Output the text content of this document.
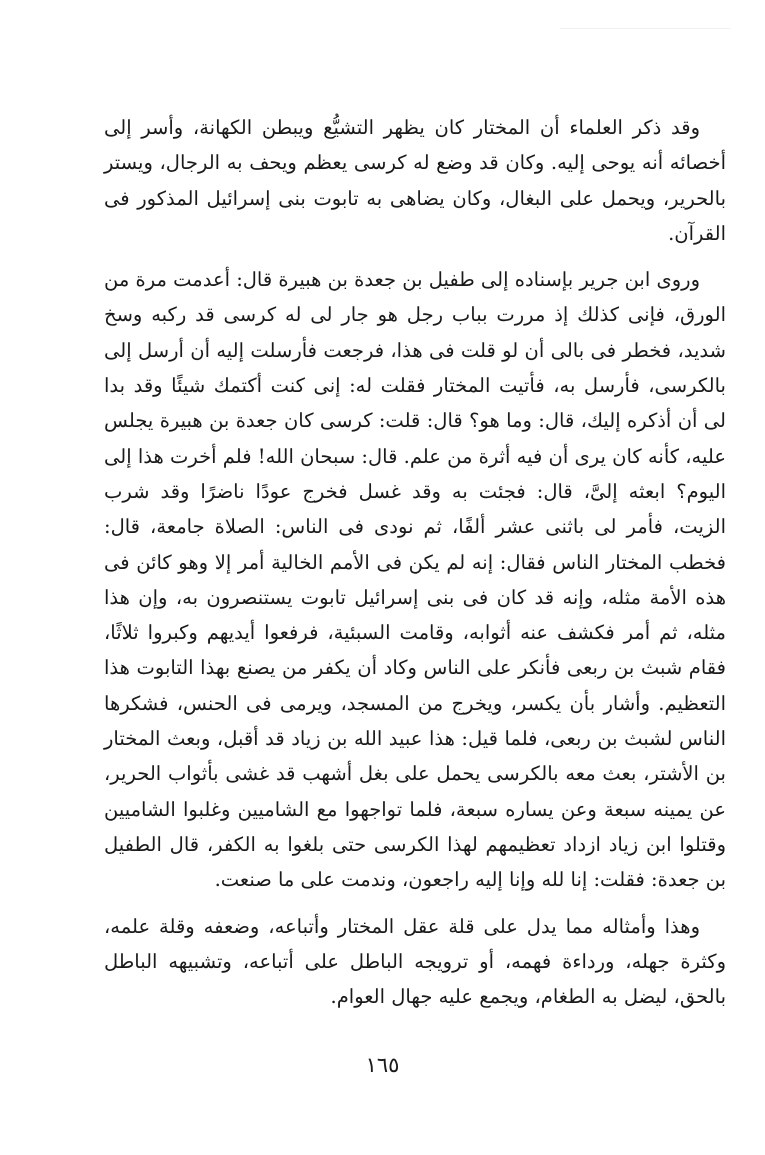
وقد ذكر العلماء أن المختار كان يظهر التشيُّع ويبطن الكهانة، وأسر إلى أخصائه أنه يوحى إليه. وكان قد وضع له كرسى يعظم ويحف به الرجال، ويستر بالحرير، ويحمل على البغال، وكان يضاهى به تابوت بنى إسرائيل المذكور فى القرآن.

وروى ابن جرير بإسناده إلى طفيل بن جعدة بن هبيرة قال: أعدمت مرة من الورق، فإنى كذلك إذ مررت بباب رجل هو جار لى له كرسى قد ركبه وسخ شديد، فخطر فى بالى أن لو قلت فى هذا، فرجعت فأرسلت إليه أن أرسل إلى بالكرسى، فأرسل به، فأتيت المختار فقلت له: إنى كنت أكتمك شيئًا وقد بدا لى أن أذكره إليك، قال: وما هو؟ قال: قلت: كرسى كان جعدة بن هبيرة يجلس عليه، كأنه كان يرى أن فيه أثرة من علم. قال: سبحان الله! فلم أخرت هذا إلى اليوم؟ ابعثه إلىَّ، قال: فجئت به وقد غسل فخرج عودًا ناضرًا وقد شرب الزيت، فأمر لى باثنى عشر ألفًا، ثم نودى فى الناس: الصلاة جامعة، قال: فخطب المختار الناس فقال: إنه لم يكن فى الأمم الخالية أمر إلا وهو كائن فى هذه الأمة مثله، وإنه قد كان فى بنى إسرائيل تابوت يستنصرون به، وإن هذا مثله، ثم أمر فكشف عنه أثوابه، وقامت السبئية، فرفعوا أيديهم وكبروا ثلاثًا، فقام شبث بن ربعى فأنكر على الناس وكاد أن يكفر من يصنع بهذا التابوت هذا التعظيم. وأشار بأن يكسر، ويخرج من المسجد، ويرمى فى الحنس، فشكرها الناس لشبث بن ربعى، فلما قيل: هذا عبيد الله بن زياد قد أقبل، وبعث المختار بن الأشتر، بعث معه بالكرسى يحمل على بغل أشهب قد غشى بأثواب الحرير، عن يمينه سبعة وعن يساره سبعة، فلما تواجهوا مع الشاميين وغلبوا الشاميين وقتلوا ابن زياد ازداد تعظيمهم لهذا الكرسى حتى بلغوا به الكفر، قال الطفيل بن جعدة: فقلت: إنا لله وإنا إليه راجعون، وندمت على ما صنعت.

وهذا وأمثاله مما يدل على قلة عقل المختار وأتباعه، وضعفه وقلة علمه، وكثرة جهله، ورداءة فهمه، أو ترويجه الباطل على أتباعه، وتشبيهه الباطل بالحق، ليضل به الطغام، ويجمع عليه جهال العوام.

١٦٥
